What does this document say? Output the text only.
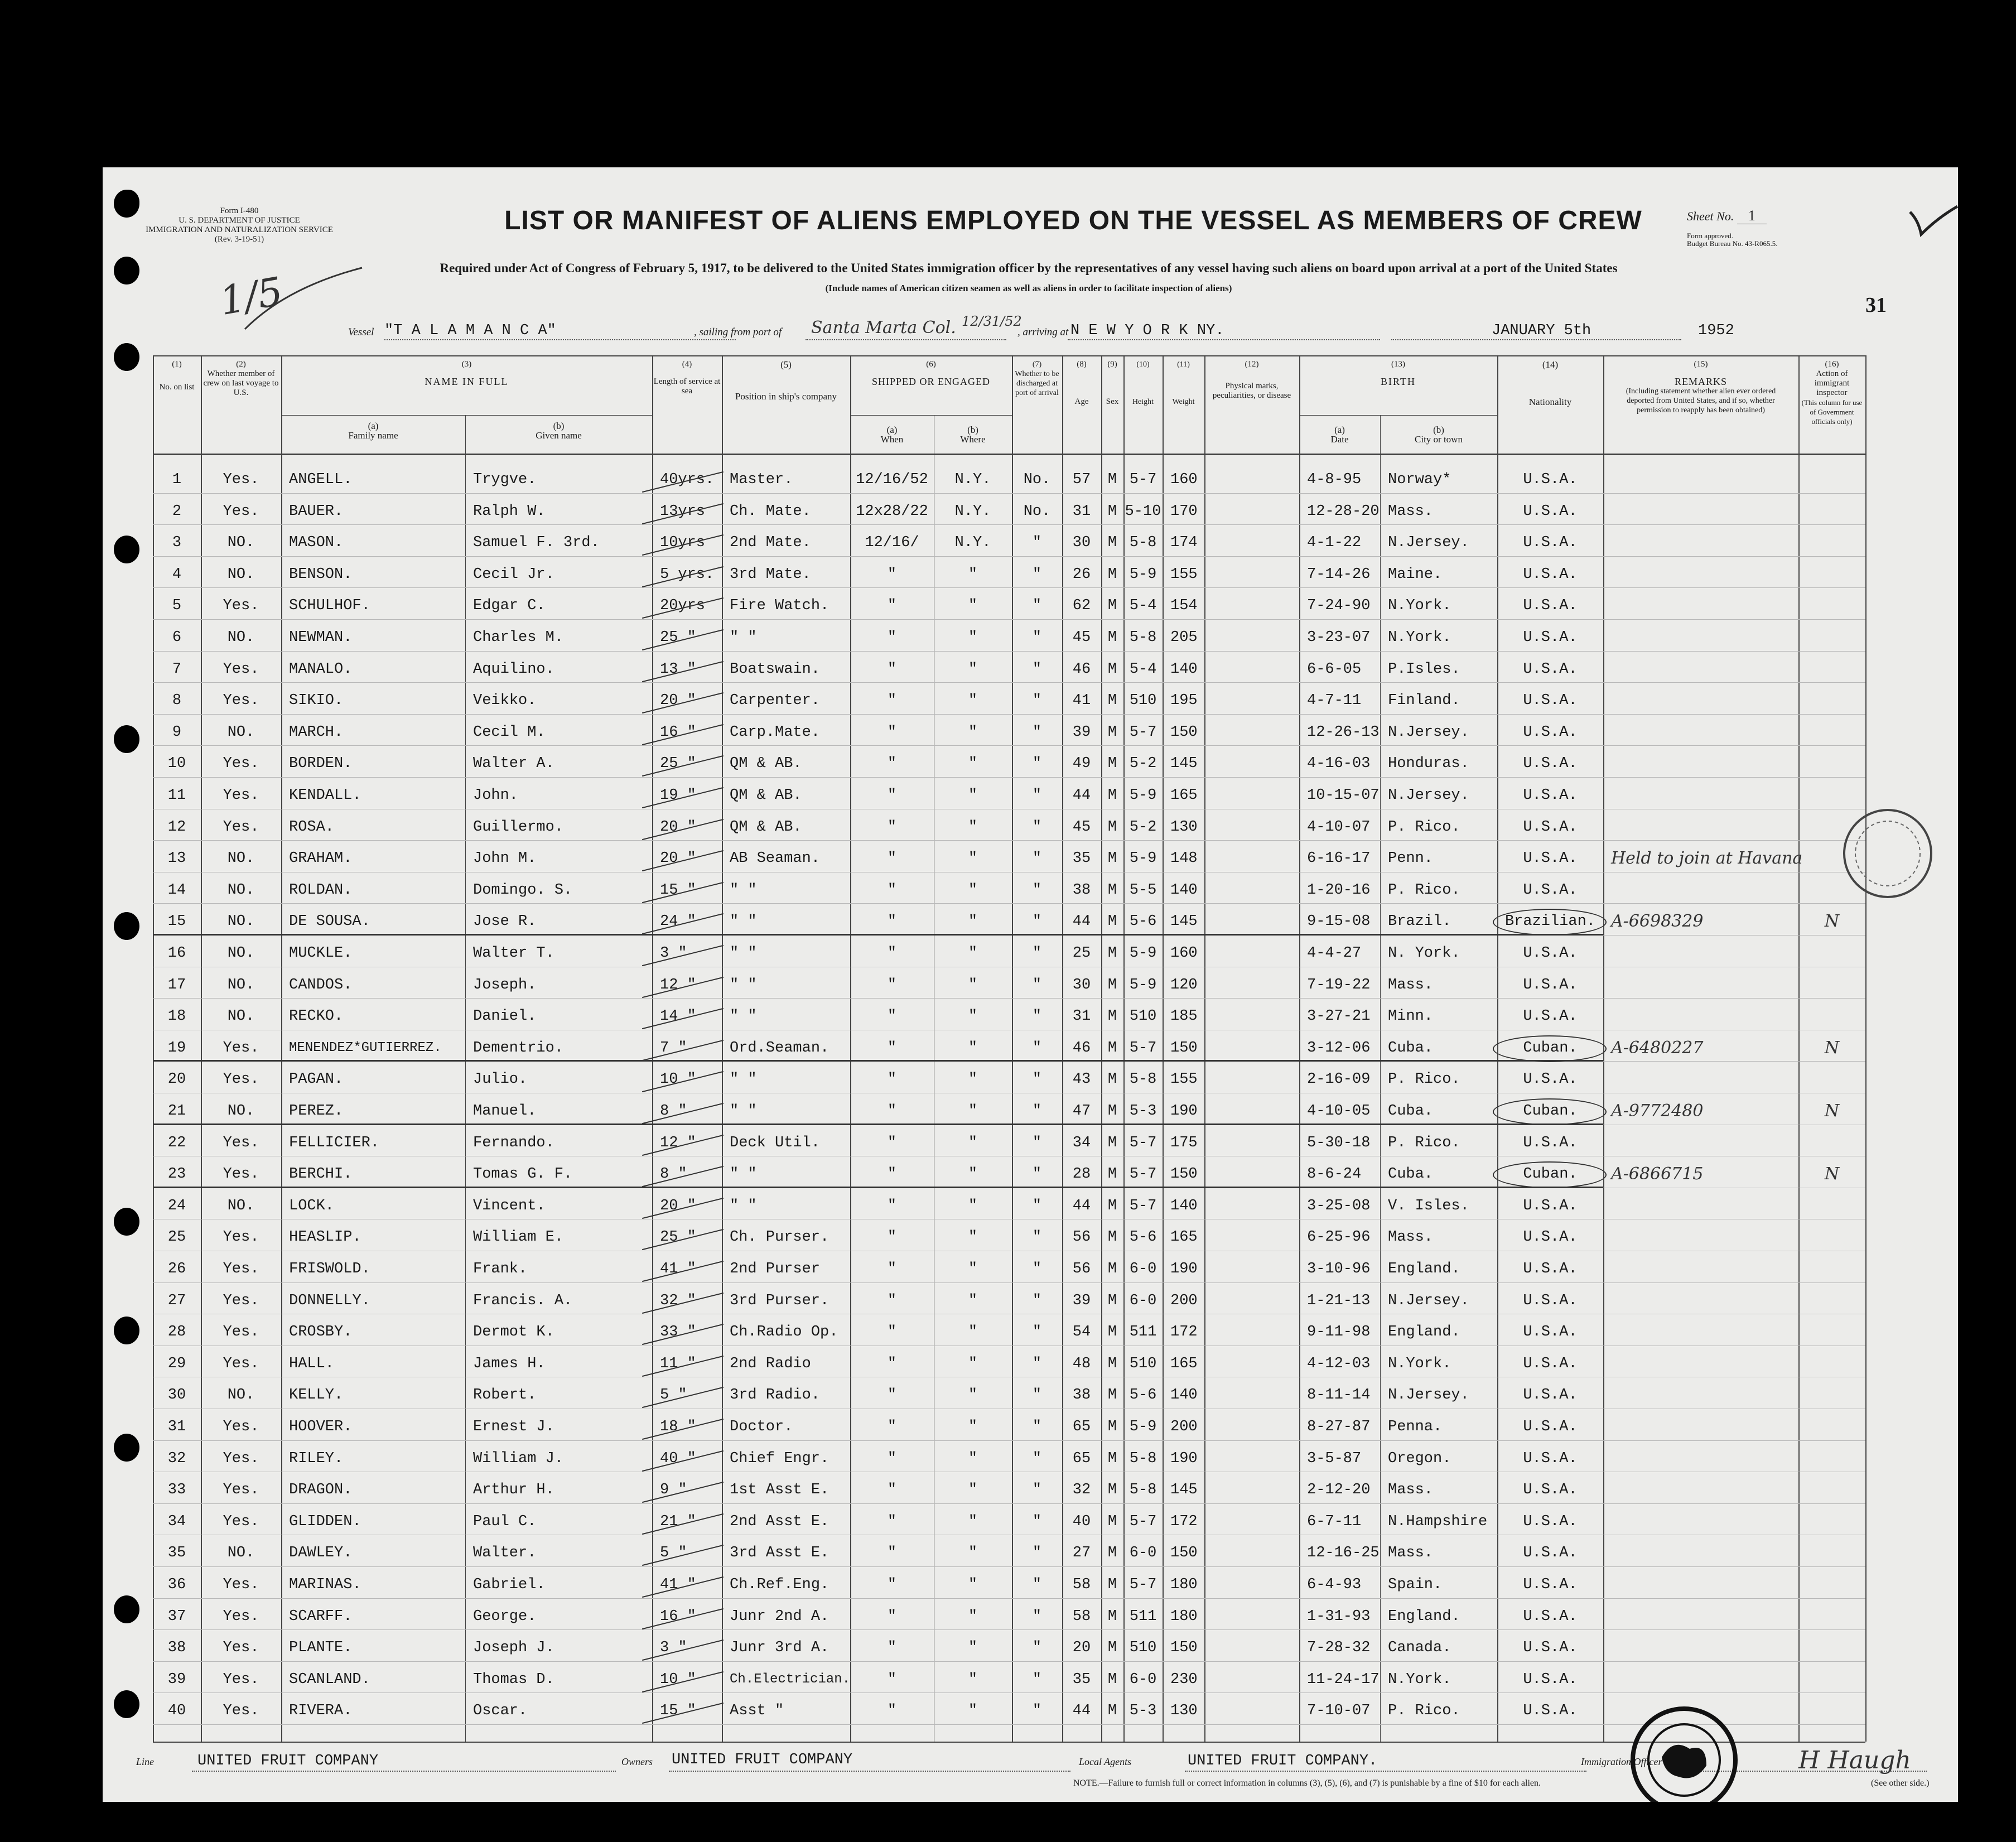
Form I-480
U. S. DEPARTMENT OF JUSTICE
IMMIGRATION AND NATURALIZATION SERVICE
(Rev. 3-19-51)
LIST OR MANIFEST OF ALIENS EMPLOYED ON THE VESSEL AS MEMBERS OF CREW	Sheet No. 1
Form approved.
Budget Bureau No. 43-R065.5.
Required under Act of Congress of February 5, 1917, to be delivered to the United States immigration officer by the representatives of any vessel having such aliens on board upon arrival at a port of the United States
(Include names of American citizen seamen as well as aliens in order to facilitate inspection of aliens)
31
1/5
Vessel "T A L A M A N C A"	, sailing from port of Santa Marta Col. 12/31/52
, arriving at N E W Y O R K NY.	JANUARY 5th	1952
(1)
No. on list
(2)
Whether member of crew on last voyage to U.S.
(3)
NAME IN FULL
(a)
Family name
(b)
Given name
(4)
Length of service at sea
(5)
Position in ship's company
(6)
SHIPPED OR ENGAGED
(a)
When
(b)
Where
(7)
Whether to be discharged at port of arrival
(8)
Age
(9)
Sex
(10)
Height
(11)
Weight
(12)
Physical marks, peculiarities, or disease
(13)
BIRTH
(a)
Date
(b)
City or town
(14)
Nationality
(15)
REMARKS
(Including statement whether alien ever ordered deported from United States, and if so, whether permission to reapply has been obtained)
(16)
Action of immigrant inspector
(This column for use of Government officials only)
1	Yes.	ANGELL.	Trygve.	40yrs.	Master.	12/16/52	N.Y.	No.	57	M 5-7 160	4-8-95	Norway*	U.S.A.
2	Yes.	BAUER.	Ralph W.	13yrs	Ch. Mate.	12x28/22	N.Y.	No.	31	M 5-10 170	12-28-20 Mass.	U.S.A.
3	NO.	MASON.	Samuel F. 3rd.	10yrs	2nd Mate.	12/16/	N.Y.	"	30	M 5-8 174	4-1-22	N.Jersey.	U.S.A.
4	NO.	BENSON.	Cecil Jr.	5 yrs.	3rd Mate.	"	"	"	26	M 5-9 155	7-14-26	Maine.	U.S.A.
5	Yes.	SCHULHOF.	Edgar C.	20yrs	Fire Watch.	"	"	"	62	M 5-4 154	7-24-90	N.York.	U.S.A.
6	NO.	NEWMAN.	Charles M.	25 "	" "	"	"	"	45	M 5-8 205	3-23-07	N.York.	U.S.A.
7	Yes.	MANALO.	Aquilino.	13 "	Boatswain.	"	"	"	46	M 5-4 140	6-6-05	P.Isles.	U.S.A.
8	Yes.	SIKIO.	Veikko.	20 "	Carpenter.	"	"	"	41	M 510 195	4-7-11	Finland.	U.S.A.
9	NO.	MARCH.	Cecil M.	16 "	Carp.Mate.	"	"	"	39	M 5-7 150	12-26-13 N.Jersey.	U.S.A.
10	Yes.	BORDEN.	Walter A.	25 "	QM & AB.	"	"	"	49	M 5-2 145	4-16-03	Honduras.	U.S.A.
11	Yes.	KENDALL.	John.	19 "	QM & AB.	"	"	"	44	M 5-9 165	10-15-07 N.Jersey.	U.S.A.
12	Yes.	ROSA.	Guillermo.	20 "	QM & AB.	"	"	"	45	M 5-2 130	4-10-07	P. Rico.	U.S.A.
13	NO.	GRAHAM.	John M.	20 "	AB Seaman.	"	"	"	35	M 5-9 148	6-16-17	Penn.	U.S.A.	Held to join at Havana
14	NO.	ROLDAN.	Domingo. S.	15 "	" "	"	"	"	38	M 5-5 140	1-20-16	P. Rico.	U.S.A.
15	NO.	DE SOUSA.	Jose R.	24 "	" "	"	"	"	44	M 5-6 145	9-15-08	Brazil.	Brazilian. A-6698329	N
16	NO.	MUCKLE.	Walter T.	3 "	" "	"	"	"	25	M 5-9 160	4-4-27	N. York.	U.S.A.
17	NO.	CANDOS.	Joseph.	12 "	" "	"	"	"	30	M 5-9 120	7-19-22	Mass.	U.S.A.
18	NO.	RECKO.	Daniel.	14 "	" "	"	"	"	31	M 510 185	3-27-21	Minn.	U.S.A.
19	Yes.	MENENDEZ*GUTIERREZ.	Dementrio.	7 "	Ord.Seaman.	"	"	"	46	M 5-7 150	3-12-06	Cuba.	Cuban.	A-6480227	N
20	Yes.	PAGAN.	Julio.	10 "	" "	"	"	"	43	M 5-8 155	2-16-09	P. Rico.	U.S.A.
21	NO.	PEREZ.	Manuel.	8 "	" "	"	"	"	47	M 5-3 190	4-10-05	Cuba.	Cuban.	A-9772480	N
22	Yes.	FELLICIER.	Fernando.	12 "	Deck Util.	"	"	"	34	M 5-7 175	5-30-18	P. Rico.	U.S.A.
23	Yes.	BERCHI.	Tomas G. F.	8 "	" "	"	"	"	28	M 5-7 150	8-6-24	Cuba.	Cuban.	A-6866715	N
24	NO.	LOCK.	Vincent.	20 "	" "	"	"	"	44	M 5-7 140	3-25-08	V. Isles.	U.S.A.
25	Yes.	HEASLIP.	William E.	25 "	Ch. Purser.	"	"	"	56	M 5-6 165	6-25-96	Mass.	U.S.A.
26	Yes.	FRISWOLD.	Frank.	41 "	2nd Purser	"	"	"	56	M 6-0 190	3-10-96	England.	U.S.A.
27	Yes.	DONNELLY.	Francis. A.	32 "	3rd Purser.	"	"	"	39	M 6-0 200	1-21-13	N.Jersey.	U.S.A.
28	Yes.	CROSBY.	Dermot K.	33 "	Ch.Radio Op.	"	"	"	54	M 511 172	9-11-98	England.	U.S.A.
29	Yes.	HALL.	James H.	11 "	2nd Radio	"	"	"	48	M 510 165	4-12-03	N.York.	U.S.A.
30	NO.	KELLY.	Robert.	5 "	3rd Radio.	"	"	"	38	M 5-6 140	8-11-14	N.Jersey.	U.S.A.
31	Yes.	HOOVER.	Ernest J.	18 "	Doctor.	"	"	"	65	M 5-9 200	8-27-87	Penna.	U.S.A.
32	Yes.	RILEY.	William J.	40 "	Chief Engr.	"	"	"	65	M 5-8 190	3-5-87	Oregon.	U.S.A.
33	Yes.	DRAGON.	Arthur H.	9 "	1st Asst E.	"	"	"	32	M 5-8 145	2-12-20	Mass.	U.S.A.
34	Yes.	GLIDDEN.	Paul C.	21 "	2nd Asst E.	"	"	"	40	M 5-7 172	6-7-11	N.Hampshire	U.S.A.
35	NO.	DAWLEY.	Walter.	5 "	3rd Asst E.	"	"	"	27	M 6-0 150	12-16-25 Mass.	U.S.A.
36	Yes.	MARINAS.	Gabriel.	41 "	Ch.Ref.Eng.	"	"	"	58	M 5-7 180	6-4-93	Spain.	U.S.A.
37	Yes.	SCARFF.	George.	16 "	Junr 2nd A.	"	"	"	58	M 511 180	1-31-93	England.	U.S.A.
38	Yes.	PLANTE.	Joseph J.	3 "	Junr 3rd A.	"	"	"	20	M 510 150	7-28-32	Canada.	U.S.A.
39	Yes.	SCANLAND.	Thomas D.	10 "	Ch.Electrician.	"	"	"	35	M 6-0 230	11-24-17 N.York.	U.S.A.
40	Yes.	RIVERA.	Oscar.	15 "	Asst "	"	"	"	44	M 5-3 130	7-10-07	P. Rico.	U.S.A.
Line	UNITED FRUIT COMPANY	Owners UNITED FRUIT COMPANY	Local Agents	UNITED FRUIT COMPANY.	Immigration Officer	H Haugh
NOTE.—Failure to furnish full or correct information in columns (3), (5), (6), and (7) is punishable by a fine of $10 for each alien.	(See other side.)
